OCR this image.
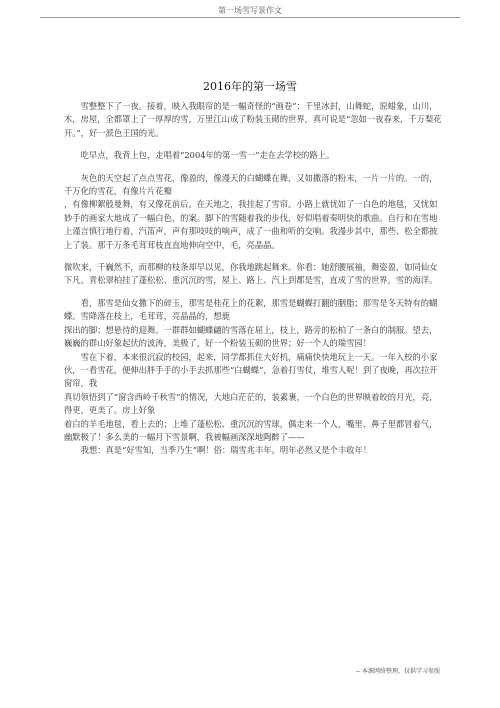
第一场雪写景作文
2016年的第一场雪

雪整整下了一夜。接着，映入我眼帘的是一幅奇怪的“画卷”：千里冰封，山舞蛇，原蜡象，山川，木，房屋，全都罩上了一厚厚的雪，万里江山成了粉装玉砌的世界，真可说是“忽如一夜春来，千万梨花开。”，好一派色王国的光。

吃早点，我背上包，走唱着“2004年的第一雪一”走在去学校的路上。

灰色的天空起了点点雪花，像盈的，像漫天的白蝴蝶在舞，又如撒落的粉末，一片一片的。一的，千万化的雪花，有像片片花瓣

，有像柳絮般曼舞，有又像花前后。在天地之，我挂起了雪帘。小路上就忧如了一白色的地毯，又忧如妙手的画家大地成了一幅白色，的案。脚下的雪随着我的步伐，好似唱着奏明快的歌曲。自行和在雪地上谨言慎行地行着，汽笛声，声有那吱吱的响声，成了一曲和听的交响。我漫步其中，那些、松全都披上了装。那千万条毛茸茸枝直直地伸向空中，毛，亮晶晶。

微吹来，千巍然不，而那柳的枝条却早以见，你我地跳起舞来。你看：她舒腰展袖，舞姿盈，如同仙女下凡。青松翠柏挂了蓬松松、重沉沉的雪，屋上、路上、汽上到都是雪，直成了雪的世界，雪的海洋。

看，那雪是仙女撒下的碎玉，那雪是桂花上的花絮，那雪是蝴蝶打翻的胭脂；那雪是冬天特有的蝴蝶。雪降落在枝上，毛茸茸，亮晶晶的，想鹿

探出的脚；想悬待的迎舞。一群群如蝴蝶翩的雪落在屈上，枝上，路旁的松柏了一条白的制服。望去，巍巍的群山好象起伏的波涛，美极了，好一个粉装玉砌的世界；好一个人的瑞雪园！

雪在下着，本来很沉寂的校园，起来，同学都抓住大好机，痛痛快快地玩上一天。一年入校的小家伙，一看雪花，便伸出胖手手的小手去抓那些“白蝴蝶”，急着打雪仗，堆雪人呢！到了夜晚，再次拉开窗帘，我

真切领悟到了“窗含西岭千秋雪”的情况，大地白茫茫的，装素裹，一个白色的世界映着皎的月光，亮，得更，更美了。房上好象

着白的羊毛地毯，看上去的；上堆了蓬松松、重沉沉的雪球，偶走来一个人，嘴里、鼻子里都冒着气，幽默极了！多么美的一幅月下雪景啊，我被幅画深深地陶醉了——

我想：真是“好雪知，当季乃生”啊！俗：瑞雪兆丰年。明年必然又是个丰收年！

-- 本源网络整理，仅供学习参照
